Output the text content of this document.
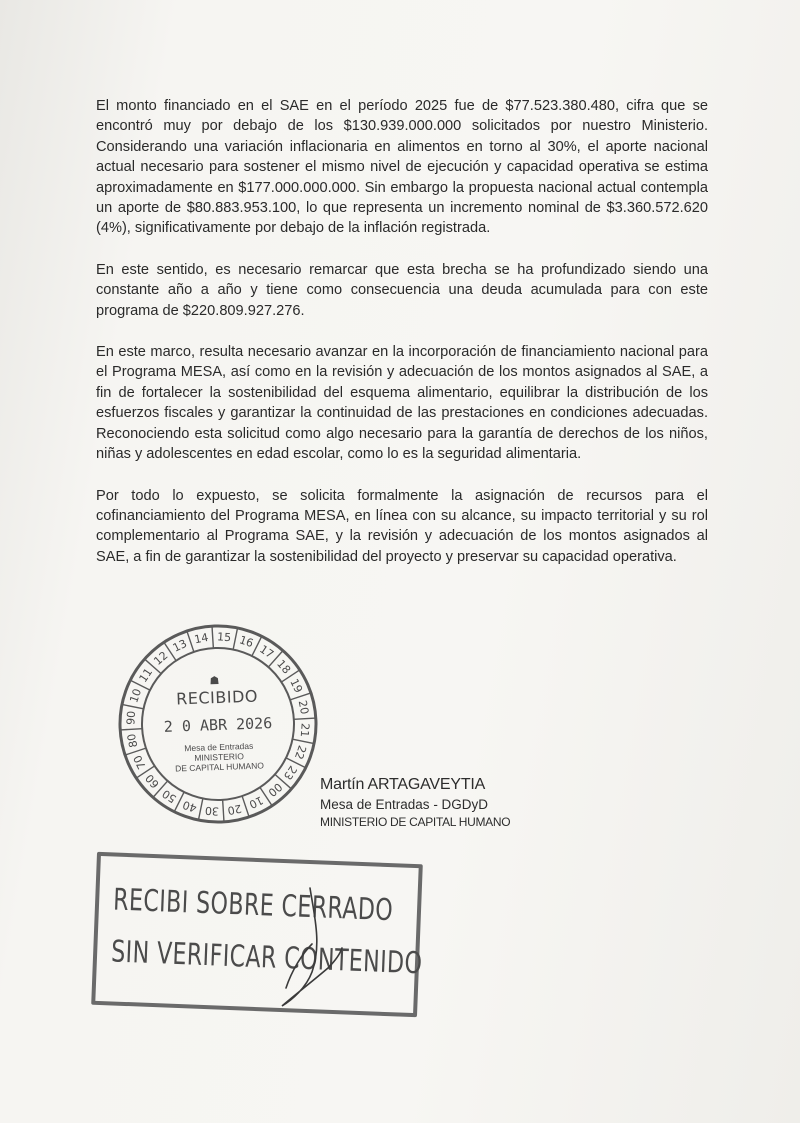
El monto financiado en el SAE en el período 2025 fue de $77.523.380.480, cifra que se encontró muy por debajo de los $130.939.000.000 solicitados por nuestro Ministerio. Considerando una variación inflacionaria en alimentos en torno al 30%, el aporte nacional actual necesario para sostener el mismo nivel de ejecución y capacidad operativa se estima aproximadamente en $177.000.000.000. Sin embargo la propuesta nacional actual contempla un aporte de $80.883.953.100, lo que representa un incremento nominal de $3.360.572.620 (4%), significativamente por debajo de la inflación registrada.

En este sentido, es necesario remarcar que esta brecha se ha profundizado siendo una constante año a año y tiene como consecuencia una deuda acumulada para con este programa de $220.809.927.276.

En este marco, resulta necesario avanzar en la incorporación de financiamiento nacional para el Programa MESA, así como en la revisión y adecuación de los montos asignados al SAE, a fin de fortalecer la sostenibilidad del esquema alimentario, equilibrar la distribución de los esfuerzos fiscales y garantizar la continuidad de las prestaciones en condiciones adecuadas. Reconociendo esta solicitud como algo necesario para la garantía de derechos de los niños, niñas y adolescentes en edad escolar, como lo es la seguridad alimentaria.

Por todo lo expuesto, se solicita formalmente la asignación de recursos para el cofinanciamiento del Programa MESA, en línea con su alcance, su impacto territorial y su rol complementario al Programa SAE, y la revisión y adecuación de los montos asignados al SAE, a fin de garantizar la sostenibilidad del proyecto y preservar su capacidad operativa.

14 15 16
17
18
19
20
21
22
23
00
10
20
30
40
50
60
70
80
90
10
11
12
13
☗
RECIBIDO
2 0 ABR 2026
Mesa de Entradas
MINISTERIO
DE CAPITAL HUMANO
Martín ARTAGAVEYTIA
Mesa de Entradas - DGDyD
MINISTERIO DE CAPITAL HUMANO
RECIBI SOBRE CERRADO
SIN VERIFICAR CONTENIDO
